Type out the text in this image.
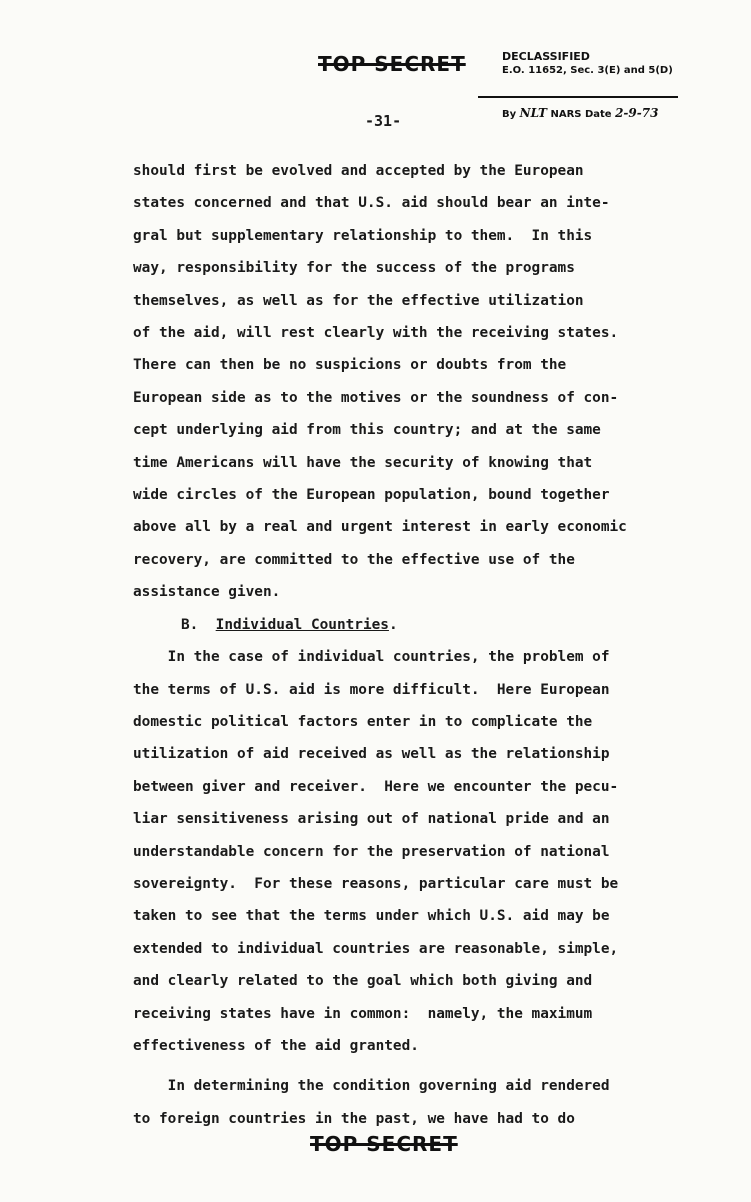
TOP SECRET	DECLASSIFIED
E.O. 11652, Sec. 3(E) and 5(D)
By NLT NARS Date 2-9-73
-31-
should first be evolved and accepted by the European
states concerned and that U.S. aid should bear an inte-
gral but supplementary relationship to them.  In this
way, responsibility for the success of the programs
themselves, as well as for the effective utilization
of the aid, will rest clearly with the receiving states.
There can then be no suspicions or doubts from the
European side as to the motives or the soundness of con-
cept underlying aid from this country; and at the same
time Americans will have the security of knowing that
wide circles of the European population, bound together
above all by a real and urgent interest in early economic
recovery, are committed to the effective use of the
assistance given.
B. Individual Countries.
In the case of individual countries, the problem of
the terms of U.S. aid is more difficult.  Here European
domestic political factors enter in to complicate the
utilization of aid received as well as the relationship
between giver and receiver.  Here we encounter the pecu-
liar sensitiveness arising out of national pride and an
understandable concern for the preservation of national
sovereignty.  For these reasons, particular care must be
taken to see that the terms under which U.S. aid may be
extended to individual countries are reasonable, simple,
and clearly related to the goal which both giving and
receiving states have in common:  namely, the maximum
effectiveness of the aid granted.
In determining the condition governing aid rendered
to foreign countries in the past, we have had to do
TOP SECRET
